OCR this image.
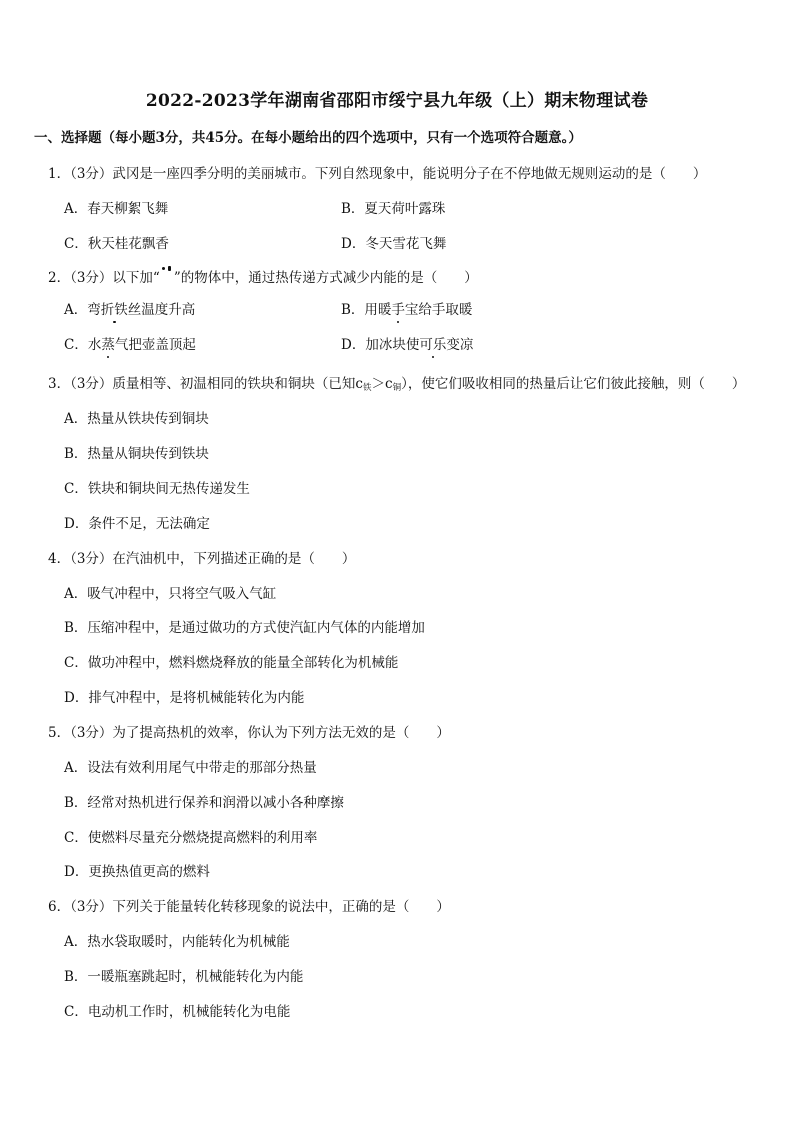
2022-2023学年湖南省邵阳市绥宁县九年级（上）期末物理试卷
一、选择题（每小题3分，共45分。在每小题给出的四个选项中，只有一个选项符合题意。）
1．（3分）武冈是一座四季分明的美丽城市。下列自然现象中，能说明分子在不停地做无规则运动的是（　　）
A．春天柳絮飞舞	B．夏天荷叶露珠
C．秋天桂花飘香	D．冬天雪花飞舞
2．（3分）以下加“ ”的物体中，通过热传递方式减少内能的是（　　）
A．弯折铁丝温度升高	B．用暖手宝给手取暖
C．水蒸气把壶盖顶起	D．加冰块使可乐变凉
3．（3分）质量相等、初温相同的铁块和铜块（已知$c_铁>c_铜$），使它们吸收相同的热量后让它们彼此接触，则（　　）
A．热量从铁块传到铜块
B．热量从铜块传到铁块
C．铁块和铜块间无热传递发生
D．条件不足，无法确定
4．（3分）在汽油机中，下列描述正确的是（　　）
A．吸气冲程中，只将空气吸入气缸
B．压缩冲程中，是通过做功的方式使汽缸内气体的内能增加
C．做功冲程中，燃料燃烧释放的能量全部转化为机械能
D．排气冲程中，是将机械能转化为内能
5．（3分）为了提高热机的效率，你认为下列方法无效的是（　　）
A．设法有效利用尾气中带走的那部分热量
B．经常对热机进行保养和润滑以减小各种摩擦
C．使燃料尽量充分燃烧提高燃料的利用率
D．更换热值更高的燃料
6．（3分）下列关于能量转化转移现象的说法中，正确的是（　　）
A．热水袋取暖时，内能转化为机械能
B．一暖瓶塞跳起时，机械能转化为内能
C．电动机工作时，机械能转化为电能
